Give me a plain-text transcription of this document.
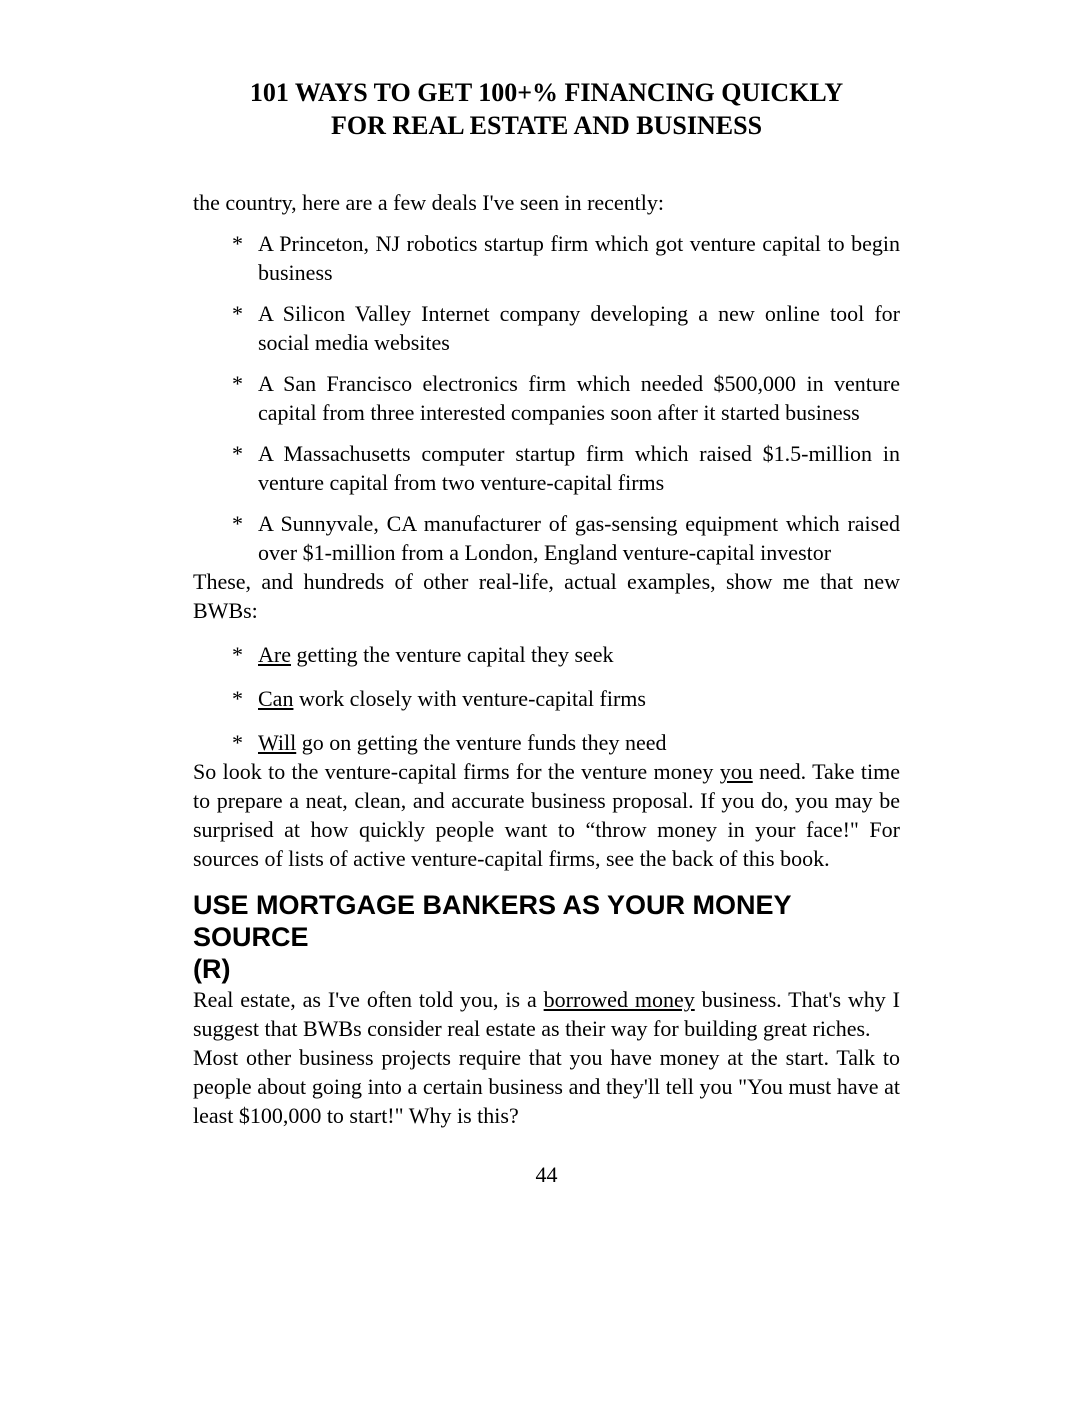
101 WAYS TO GET 100+% FINANCING QUICKLY
FOR REAL ESTATE AND BUSINESS

the country, here are a few deals I've seen in recently:

* A Princeton, NJ robotics startup firm which got venture capital to begin business
* A Silicon Valley Internet company developing a new online tool for social media websites
* A San Francisco electronics firm which needed $500,000 in venture capital from three interested companies soon after it started business
* A Massachusetts computer startup firm which raised $1.5-million in venture capital from two venture-capital firms
* A Sunnyvale, CA manufacturer of gas-sensing equipment which raised over $1-million from a London, England venture-capital investor

These, and hundreds of other real-life, actual examples, show me that new BWBs:

* Are getting the venture capital they seek
* Can work closely with venture-capital firms
* Will go on getting the venture funds they need

So look to the venture-capital firms for the venture money you need. Take time to prepare a neat, clean, and accurate business proposal. If you do, you may be surprised at how quickly people want to “throw money in your face!" For sources of lists of active venture-capital firms, see the back of this book.

USE MORTGAGE BANKERS AS YOUR MONEY SOURCE
(R)

Real estate, as I've often told you, is a borrowed money business. That's why I suggest that BWBs consider real estate as their way for building great riches.

Most other business projects require that you have money at the start. Talk to people about going into a certain business and they'll tell you "You must have at least $100,000 to start!" Why is this?

44
